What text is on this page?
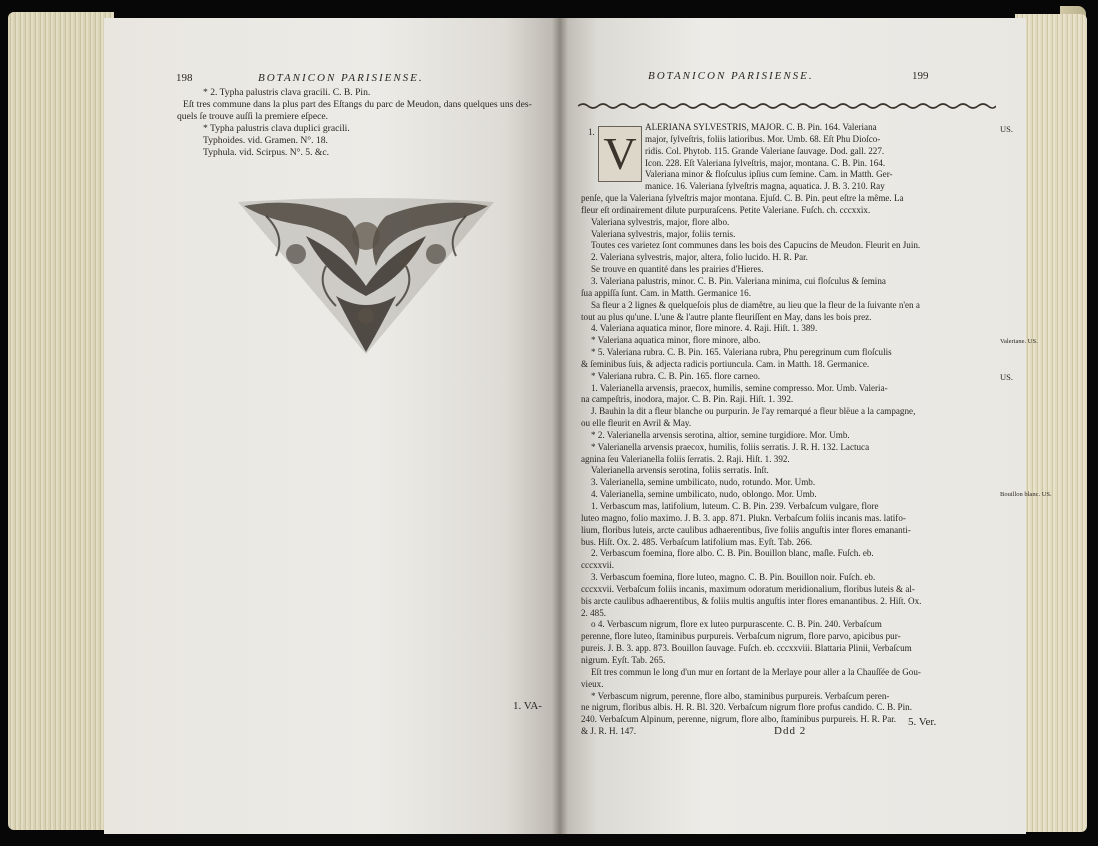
198	BOTANICON PARISIENSE.
* 2. Typha palustris clava gracili. C. B. Pin.
Eſt tres commune dans la plus part des Eſtangs du parc de Meudon, dans quelques uns des-
quels ſe trouve auſſi la premiere eſpece.
* Typha palustris clava duplici gracili.
Typhoides. vid. Gramen. N°. 18.
Typhula. vid. Scirpus. N°. 5. &c.
1. VA-
BOTANICON PARISIENSE.	199
V
1.	ALERIANA SYLVESTRIS, MAJOR. C. B. Pin. 164. Valeriana
major, ſylveſtris, foliis latioribus. Mor. Umb. 68. Eſt Phu Dioſco-
ridis. Col. Phytob. 115. Grande Valeriane ſauvage. Dod. gall. 227.
Icon. 228. Eſt Valeriana ſylveſtris, major, montana. C. B. Pin. 164.
Valeriana minor & floſculus ipſius cum ſemine. Cam. in Matth. Ger-
manice. 16. Valeriana ſylveſtris magna, aquatica. J. B. 3. 210. Ray
penſe, que la Valeriana ſylveſtris major montana. Ejuſd. C. B. Pin. peut eſtre la même. La
fleur eſt ordinairement dilute purpuraſcens. Petite Valeriane. Fuſch. ch. cccxxix.
Valeriana sylvestris, major, flore albo.
Valeriana sylvestris, major, foliis ternis.
Toutes ces varietez ſont communes dans les bois des Capucins de Meudon. Fleurit en Juin.
2. Valeriana sylvestris, major, altera, folio lucido. H. R. Par.
Se trouve en quantité dans les prairies d'Hieres.
3. Valeriana palustris, minor. C. B. Pin. Valeriana minima, cui floſculus & ſemina
ſua appiſſa ſunt. Cam. in Matth. Germanice 16.
Sa fleur a 2 lignes & quelqueſois plus de diamêtre, au lieu que la fleur de la ſuivante n'en a
tout au plus qu'une. L'une & l'autre plante fleuriſſent en May, dans les bois prez.
4. Valeriana aquatica minor, flore minore. 4. Raji. Hiſt. 1. 389.
* Valeriana aquatica minor, flore minore, albo.
* 5. Valeriana rubra. C. B. Pin. 165. Valeriana rubra, Phu peregrinum cum floſculis
& ſeminibus ſuis, & adjecta radicis portiuncula. Cam. in Matth. 18. Germanice.
* Valeriana rubra. C. B. Pin. 165. flore carneo.
1. Valerianella arvensis, praecox, humilis, semine compresso. Mor. Umb. Valeria-
na campeſtris, inodora, major. C. B. Pin. Raji. Hiſt. 1. 392.
J. Bauhin la dit a fleur blanche ou purpurin. Je l'ay remarqué a fleur blëue a la campagne,
ou elle fleurit en Avril & May.
* 2. Valerianella arvensis serotina, altior, semine turgidiore. Mor. Umb.
* Valerianella arvensis praecox, humilis, foliis serratis. J. R. H. 132. Lactuca
agnina ſeu Valerianella foliis ſerratis. 2. Raji. Hiſt. 1. 392.
Valerianella arvensis serotina, foliis serratis. Inſt.
3. Valerianella, semine umbilicato, nudo, rotundo. Mor. Umb.
4. Valerianella, semine umbilicato, nudo, oblongo. Mor. Umb.
1. Verbascum mas, latifolium, luteum. C. B. Pin. 239. Verbaſcum vulgare, flore
luteo magno, folio maximo. J. B. 3. app. 871. Plukn. Verbaſcum foliis incanis mas. latifo-
lium, floribus luteis, arcte caulibus adhaerentibus, ſive foliis anguſtis inter flores emananti-
bus. Hiſt. Ox. 2. 485. Verbaſcum latifolium mas. Eyſt. Tab. 266.
2. Verbascum foemina, flore albo. C. B. Pin. Bouillon blanc, maſle. Fuſch. eb.
cccxxvii.
3. Verbascum foemina, flore luteo, magno. C. B. Pin. Bouillon noir. Fuſch. eb.
cccxxvii. Verbaſcum foliis incanis, maximum odoratum meridionalium, floribus luteis & al-
bis arcte caulibus adhaerentibus, & foliis multis anguſtis inter flores emanantibus. 2. Hiſt. Ox.
2. 485.
o 4. Verbascum nigrum, flore ex luteo purpurascente. C. B. Pin. 240. Verbaſcum
perenne, flore luteo, ſtaminibus purpureis. Verbaſcum nigrum, flore parvo, apicibus pur-
pureis. J. B. 3. app. 873. Bouillon ſauvage. Fuſch. eb. cccxxviii. Blattaria Plinii, Verbaſcum
nigrum. Eyſt. Tab. 265.
Eſt tres commun le long d'un mur en ſortant de la Merlaye pour aller a la Chauſſée de Gou-
vieux.
* Verbascum nigrum, perenne, flore albo, staminibus purpureis. Verbaſcum peren-
ne nigrum, floribus albis. H. R. Bl. 320. Verbaſcum nigrum flore profus candido. C. B. Pin.
240. Verbaſcum Alpinum, perenne, nigrum, flore albo, ſtaminibus purpureis. H. R. Par.
& J. R. H. 147.
US.
US.
Valeriane. US.
Bouillon blanc. US.
Ddd 2
5. Ver.
